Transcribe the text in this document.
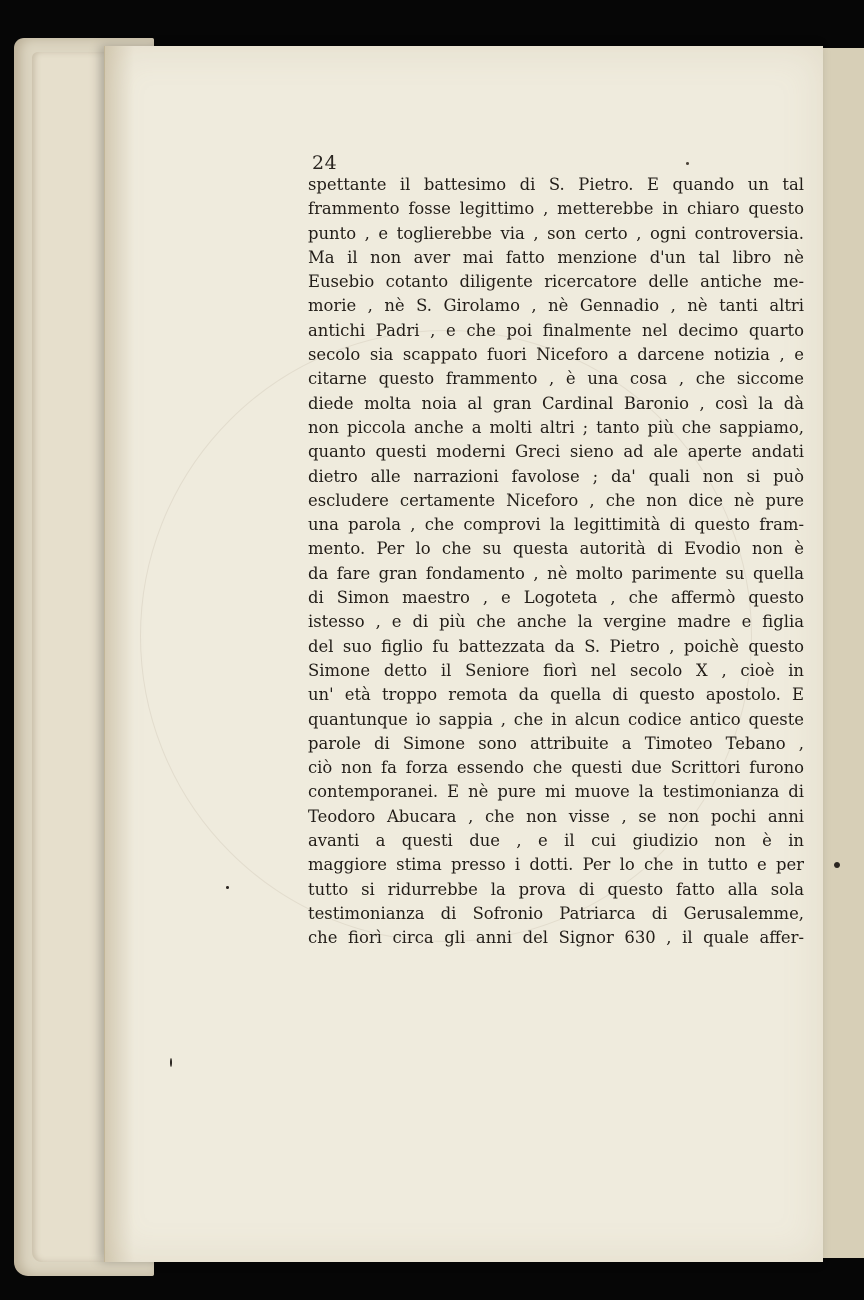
24
spettante il battesimo di S. Pietro. E quando un tal
frammento fosse legittimo , metterebbe in chiaro questo
punto , e toglierebbe via , son certo , ogni controversia.
Ma il non aver mai fatto menzione d'un tal libro nè
Eusebio cotanto diligente ricercatore delle antiche me-
morie , nè S. Girolamo , nè Gennadio , nè tanti altri
antichi Padri , e che poi finalmente nel decimo quarto
secolo sia scappato fuori Niceforo a darcene notizia , e
citarne questo frammento , è una cosa , che siccome
diede molta noia al gran Cardinal Baronio , così la dà
non piccola anche a molti altri ; tanto più che sappiamo,
quanto questi moderni Greci sieno ad ale aperte andati
dietro alle narrazioni favolose ; da' quali non si può
escludere certamente Niceforo , che non dice nè pure
una parola , che comprovi la legittimità di questo fram-
mento. Per lo che su questa autorità di Evodio non è
da fare gran fondamento , nè molto parimente su quella
di Simon maestro , e Logoteta , che affermò questo
istesso , e di più che anche la vergine madre e figlia
del suo figlio fu battezzata da S. Pietro , poichè questo
Simone detto il Seniore fiorì nel secolo X , cioè in
un' età troppo remota da quella di questo apostolo. E
quantunque io sappia , che in alcun codice antico queste
parole di Simone sono attribuite a Timoteo Tebano ,
ciò non fa forza essendo che questi due Scrittori furono
contemporanei. E nè pure mi muove la testimonianza di
Teodoro Abucara , che non visse , se non pochi anni
avanti a questi due , e il cui giudizio non è in
maggiore stima presso i dotti. Per lo che in tutto e per
tutto si ridurrebbe la prova di questo fatto alla sola
testimonianza di Sofronio Patriarca di Gerusalemme,
che fiorì circa gli anni del Signor 630 , il quale affer-
